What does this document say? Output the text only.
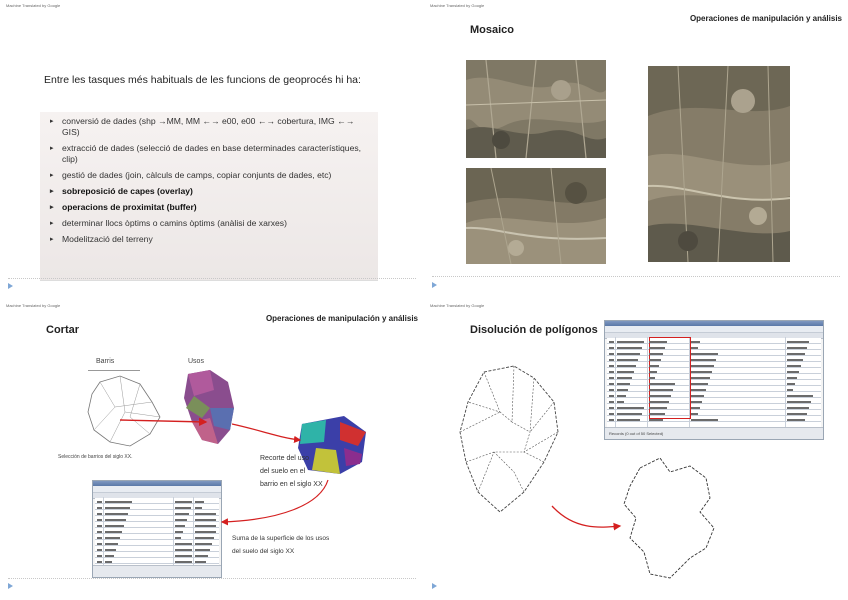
Machine Translated by Google
Entre les tasques més habituals de les funcions de geoprocés hi ha:
▸ conversió de dades (shp →MM, MM ←→ e00, e00 ←→ cobertura, IMG ←→ GIS)
▸ extracció de dades (selecció de dades en base determinades característiques, clip)
▸ gestió de dades (join, càlculs de camps, copiar conjunts de dades, etc)
▸ sobreposició de capes (overlay)
▸ operacions de proximitat (buffer)
▸ determinar llocs òptims o camins òptims (anàlisi de xarxes)
▸ Modelització del terreny
Machine Translated by Google
Operaciones de manipulación y análisis
Mosaico
Machine Translated by Google
Operaciones de manipulación y análisis
Cortar
Barris	Usos
Selección de barrios del siglo XX.	Recorte del uso
del suelo en el
barrio en el siglo XX
Suma de la superficie de los usos
del suelo del siglo XX
Machine Translated by Google
Disolución de polígonos
Records (0 out of 50 Selected)
